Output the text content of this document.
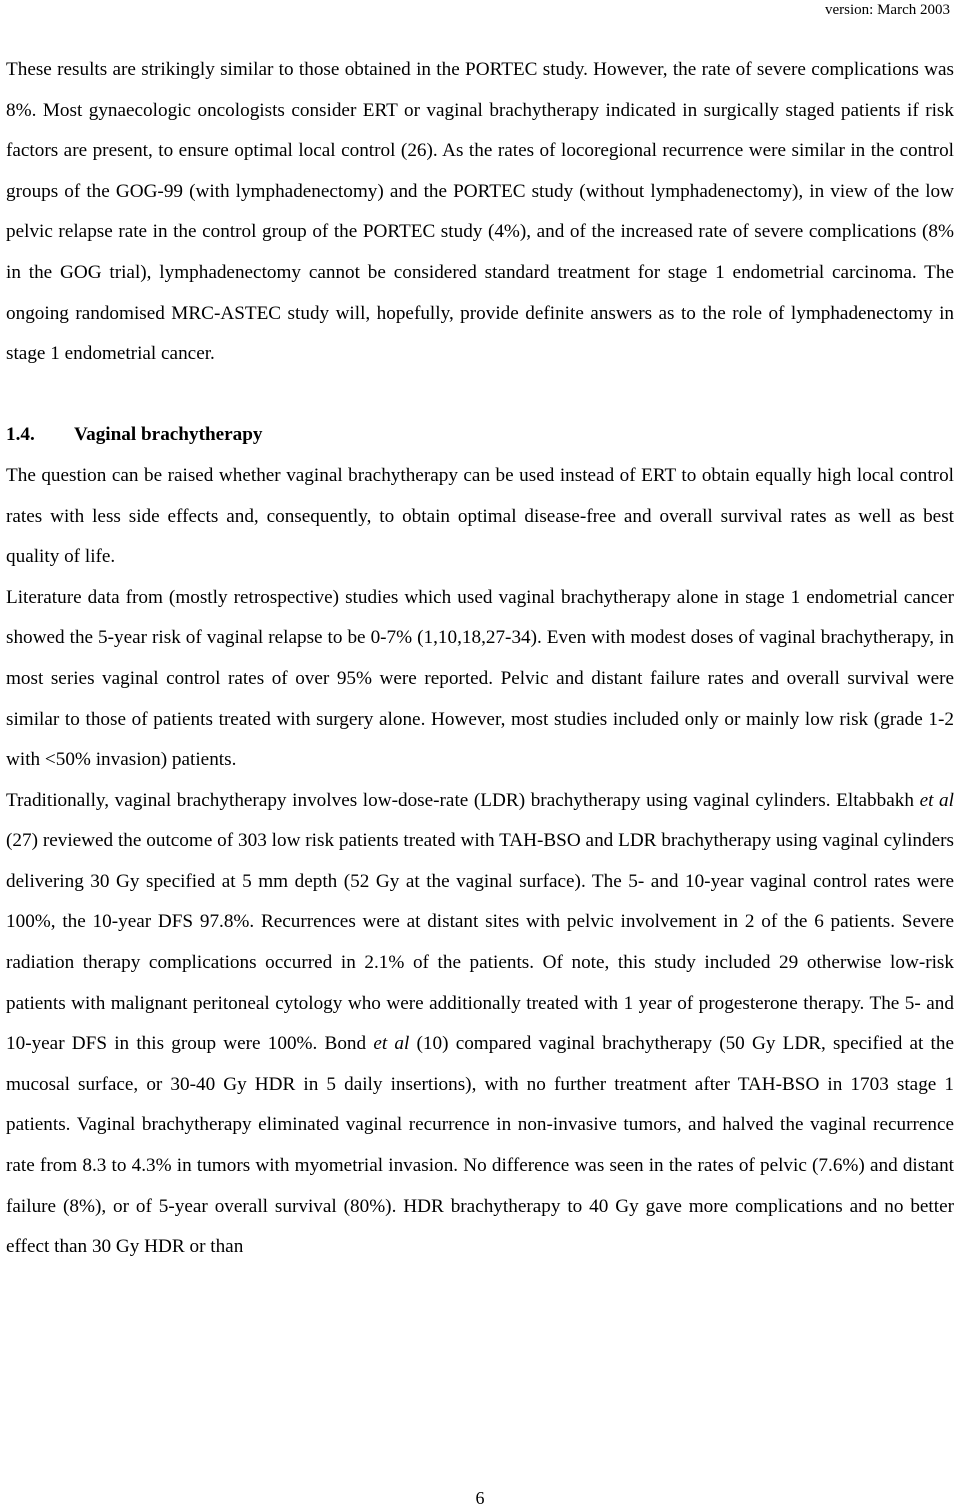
version: March 2003

These results are strikingly similar to those obtained in the PORTEC study. However, the rate of severe complications was 8%. Most gynaecologic oncologists consider ERT or vaginal brachytherapy indicated in surgically staged patients if risk factors are present, to ensure optimal local control (26). As the rates of locoregional recurrence were similar in the control groups of the GOG-99 (with lymphadenectomy) and the PORTEC study (without lymphadenectomy), in view of the low pelvic relapse rate in the control group of the PORTEC study (4%), and of the increased rate of severe complications (8% in the GOG trial), lymphadenectomy cannot be considered standard treatment for stage 1 endometrial carcinoma. The ongoing randomised MRC-ASTEC study will, hopefully, provide definite answers as to the role of lymphadenectomy in stage 1 endometrial cancer.

1.4. Vaginal brachytherapy

The question can be raised whether vaginal brachytherapy can be used instead of ERT to obtain equally high local control rates with less side effects and, consequently, to obtain optimal disease-free and overall survival rates as well as best quality of life.

Literature data from (mostly retrospective) studies which used vaginal brachytherapy alone in stage 1 endometrial cancer showed the 5-year risk of vaginal relapse to be 0-7% (1,10,18,27-34). Even with modest doses of vaginal brachytherapy, in most series vaginal control rates of over 95% were reported. Pelvic and distant failure rates and overall survival were similar to those of patients treated with surgery alone. However, most studies included only or mainly low risk (grade 1-2 with <50% invasion) patients.

Traditionally, vaginal brachytherapy involves low-dose-rate (LDR) brachytherapy using vaginal cylinders. Eltabbakh et al (27) reviewed the outcome of 303 low risk patients treated with TAH-BSO and LDR brachytherapy using vaginal cylinders delivering 30 Gy specified at 5 mm depth (52 Gy at the vaginal surface). The 5- and 10-year vaginal control rates were 100%, the 10-year DFS 97.8%. Recurrences were at distant sites with pelvic involvement in 2 of the 6 patients. Severe radiation therapy complications occurred in 2.1% of the patients. Of note, this study included 29 otherwise low-risk patients with malignant peritoneal cytology who were additionally treated with 1 year of progesterone therapy. The 5- and 10-year DFS in this group were 100%. Bond et al (10) compared vaginal brachytherapy (50 Gy LDR, specified at the mucosal surface, or 30-40 Gy HDR in 5 daily insertions), with no further treatment after TAH-BSO in 1703 stage 1 patients. Vaginal brachytherapy eliminated vaginal recurrence in non-invasive tumors, and halved the vaginal recurrence rate from 8.3 to 4.3% in tumors with myometrial invasion. No difference was seen in the rates of pelvic (7.6%) and distant failure (8%), or of 5-year overall survival (80%). HDR brachytherapy to 40 Gy gave more complications and no better effect than 30 Gy HDR or than

6
